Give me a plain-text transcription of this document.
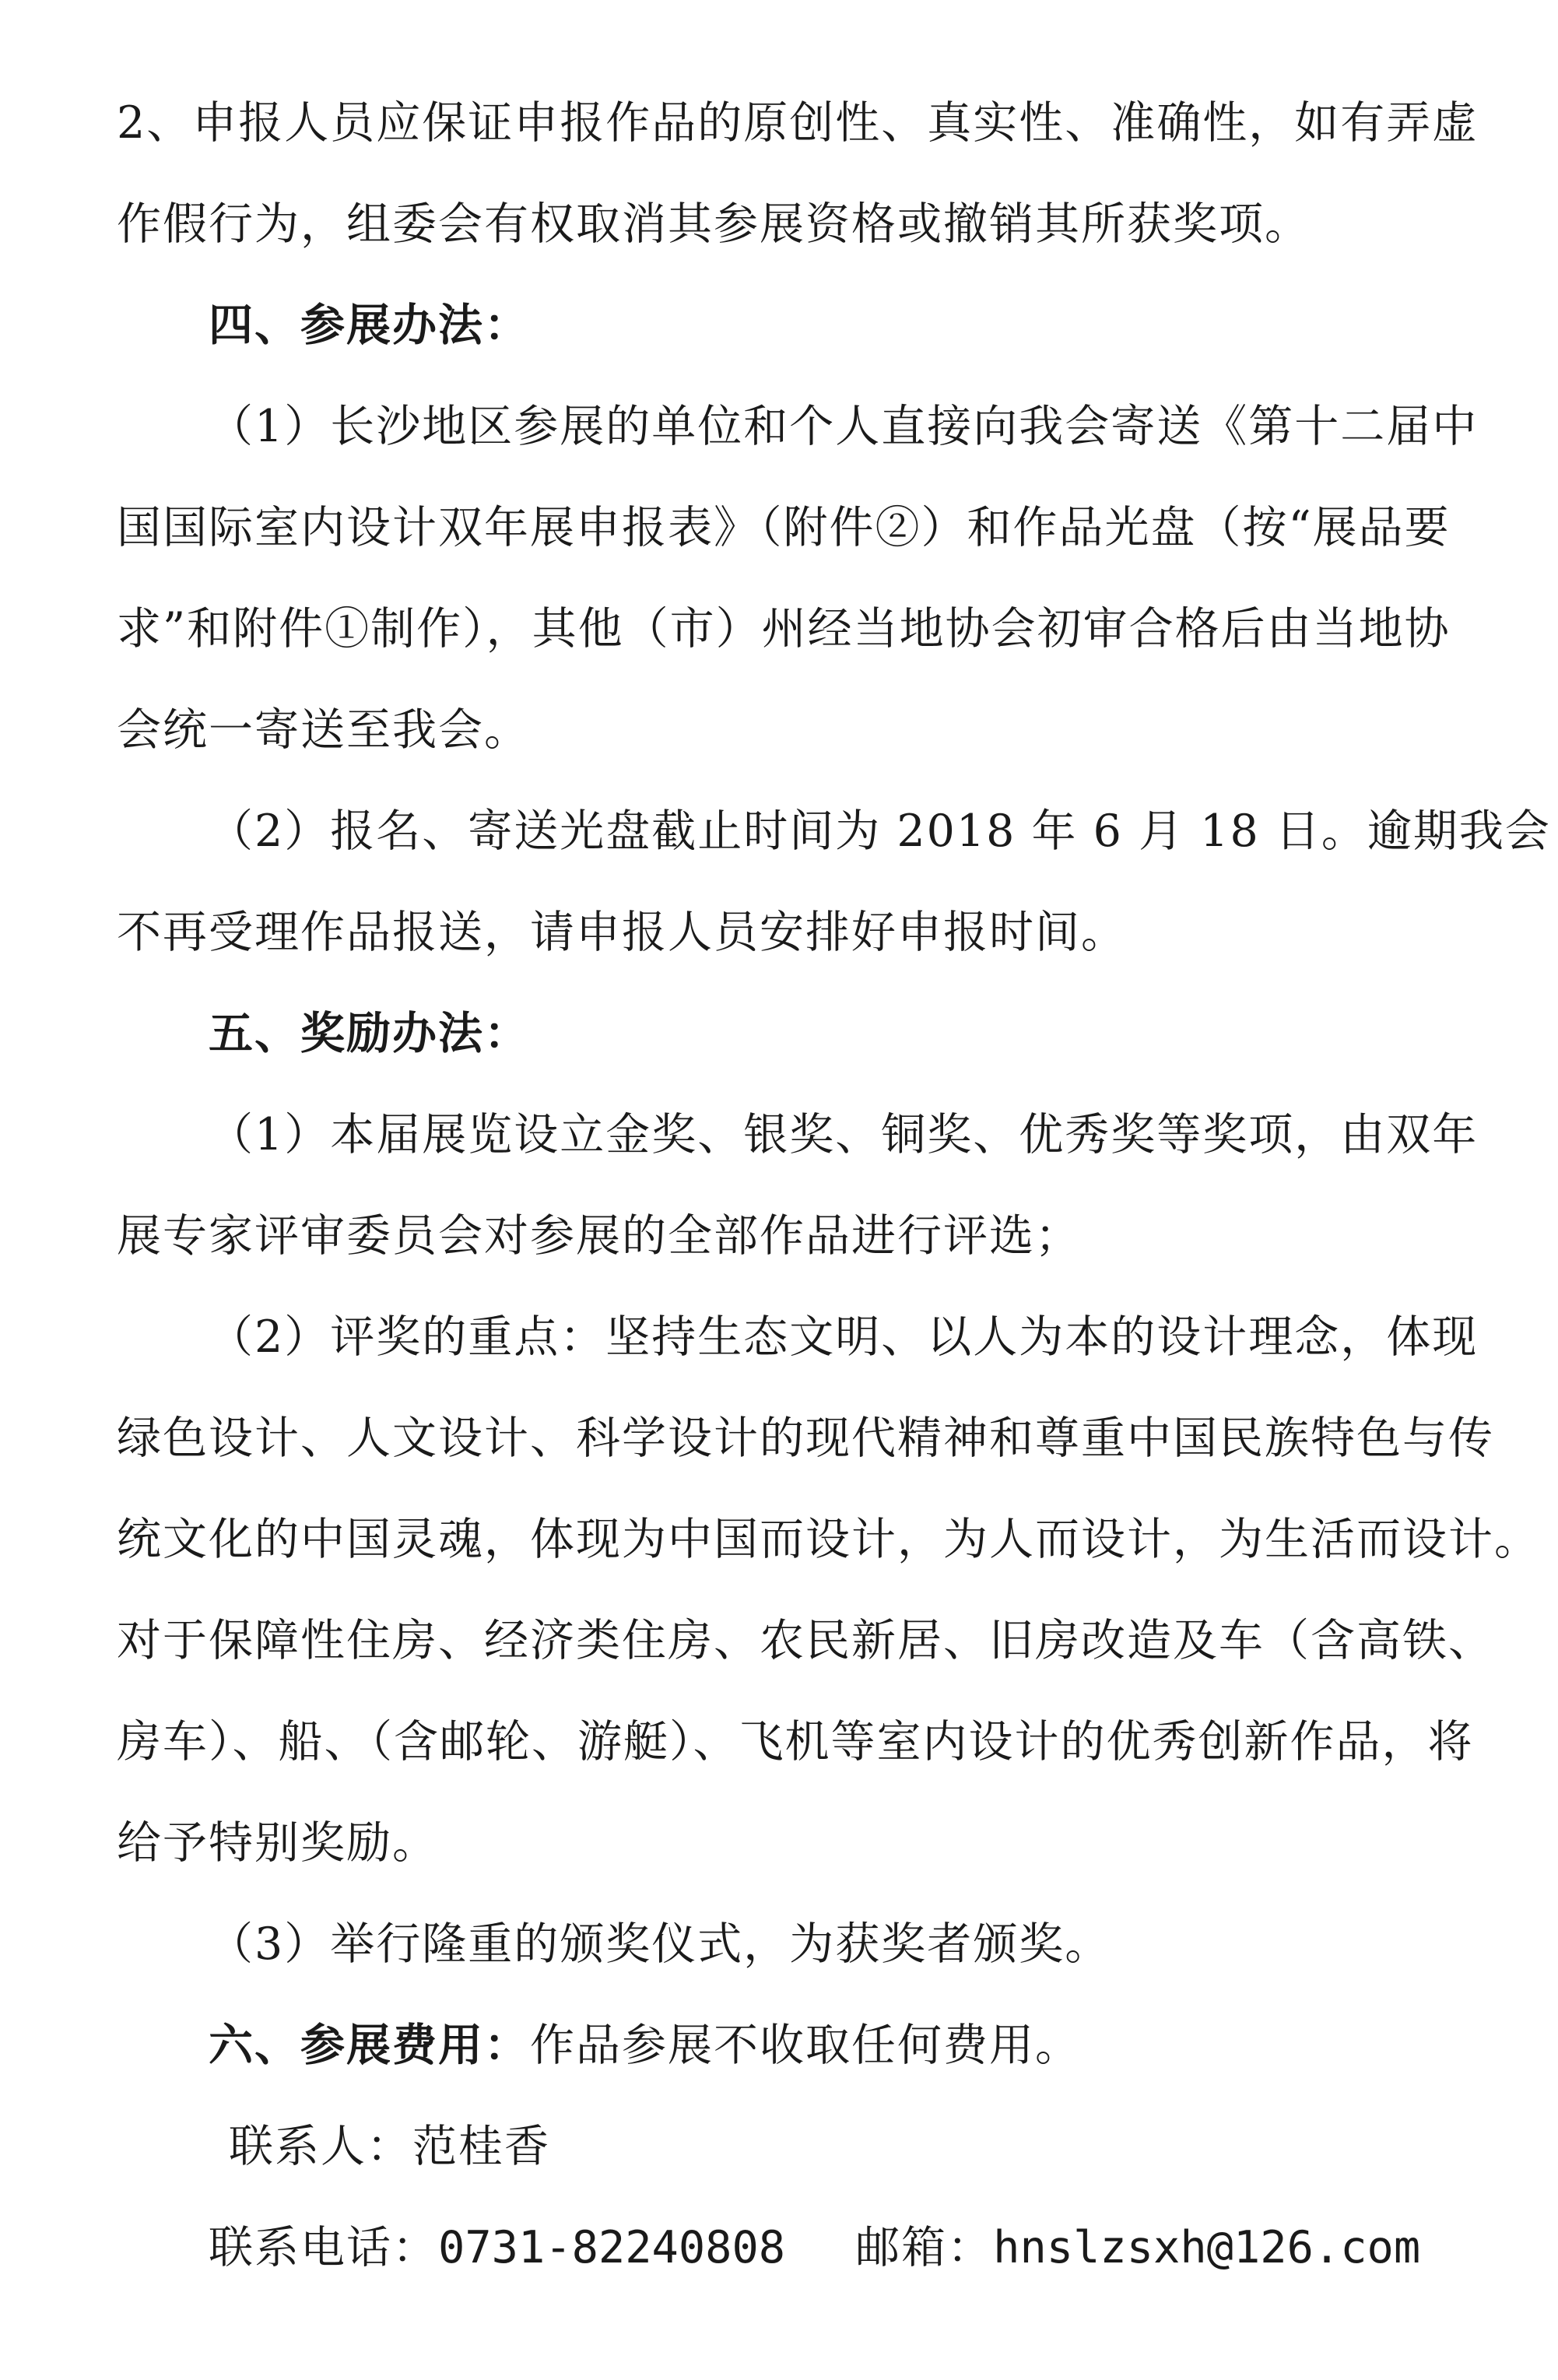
2、申报人员应保证申报作品的原创性、真实性、准确性，如有弄虚
作假行为，组委会有权取消其参展资格或撤销其所获奖项。
四、参展办法：
（1）长沙地区参展的单位和个人直接向我会寄送《第十二届中
国国际室内设计双年展申报表》（附件②）和作品光盘（按“展品要
求”和附件①制作），其他（市）州经当地协会初审合格后由当地协
会统一寄送至我会。
（2）报名、寄送光盘截止时间为 2018 年 6 月 18 日。逾期我会
不再受理作品报送，请申报人员安排好申报时间。
五、奖励办法：
（1）本届展览设立金奖、银奖、铜奖、优秀奖等奖项，由双年
展专家评审委员会对参展的全部作品进行评选；
（2）评奖的重点：坚持生态文明、以人为本的设计理念，体现
绿色设计、人文设计、科学设计的现代精神和尊重中国民族特色与传
统文化的中国灵魂，体现为中国而设计，为人而设计，为生活而设计。
对于保障性住房、经济类住房、农民新居、旧房改造及车（含高铁、
房车）、船、（含邮轮、游艇）、飞机等室内设计的优秀创新作品，将
给予特别奖励。
（3）举行隆重的颁奖仪式，为获奖者颁奖。
六、参展费用：作品参展不收取任何费用。
联系人：范桂香
联系电话：0731-82240808 邮箱：hnslzsxh@126.com
